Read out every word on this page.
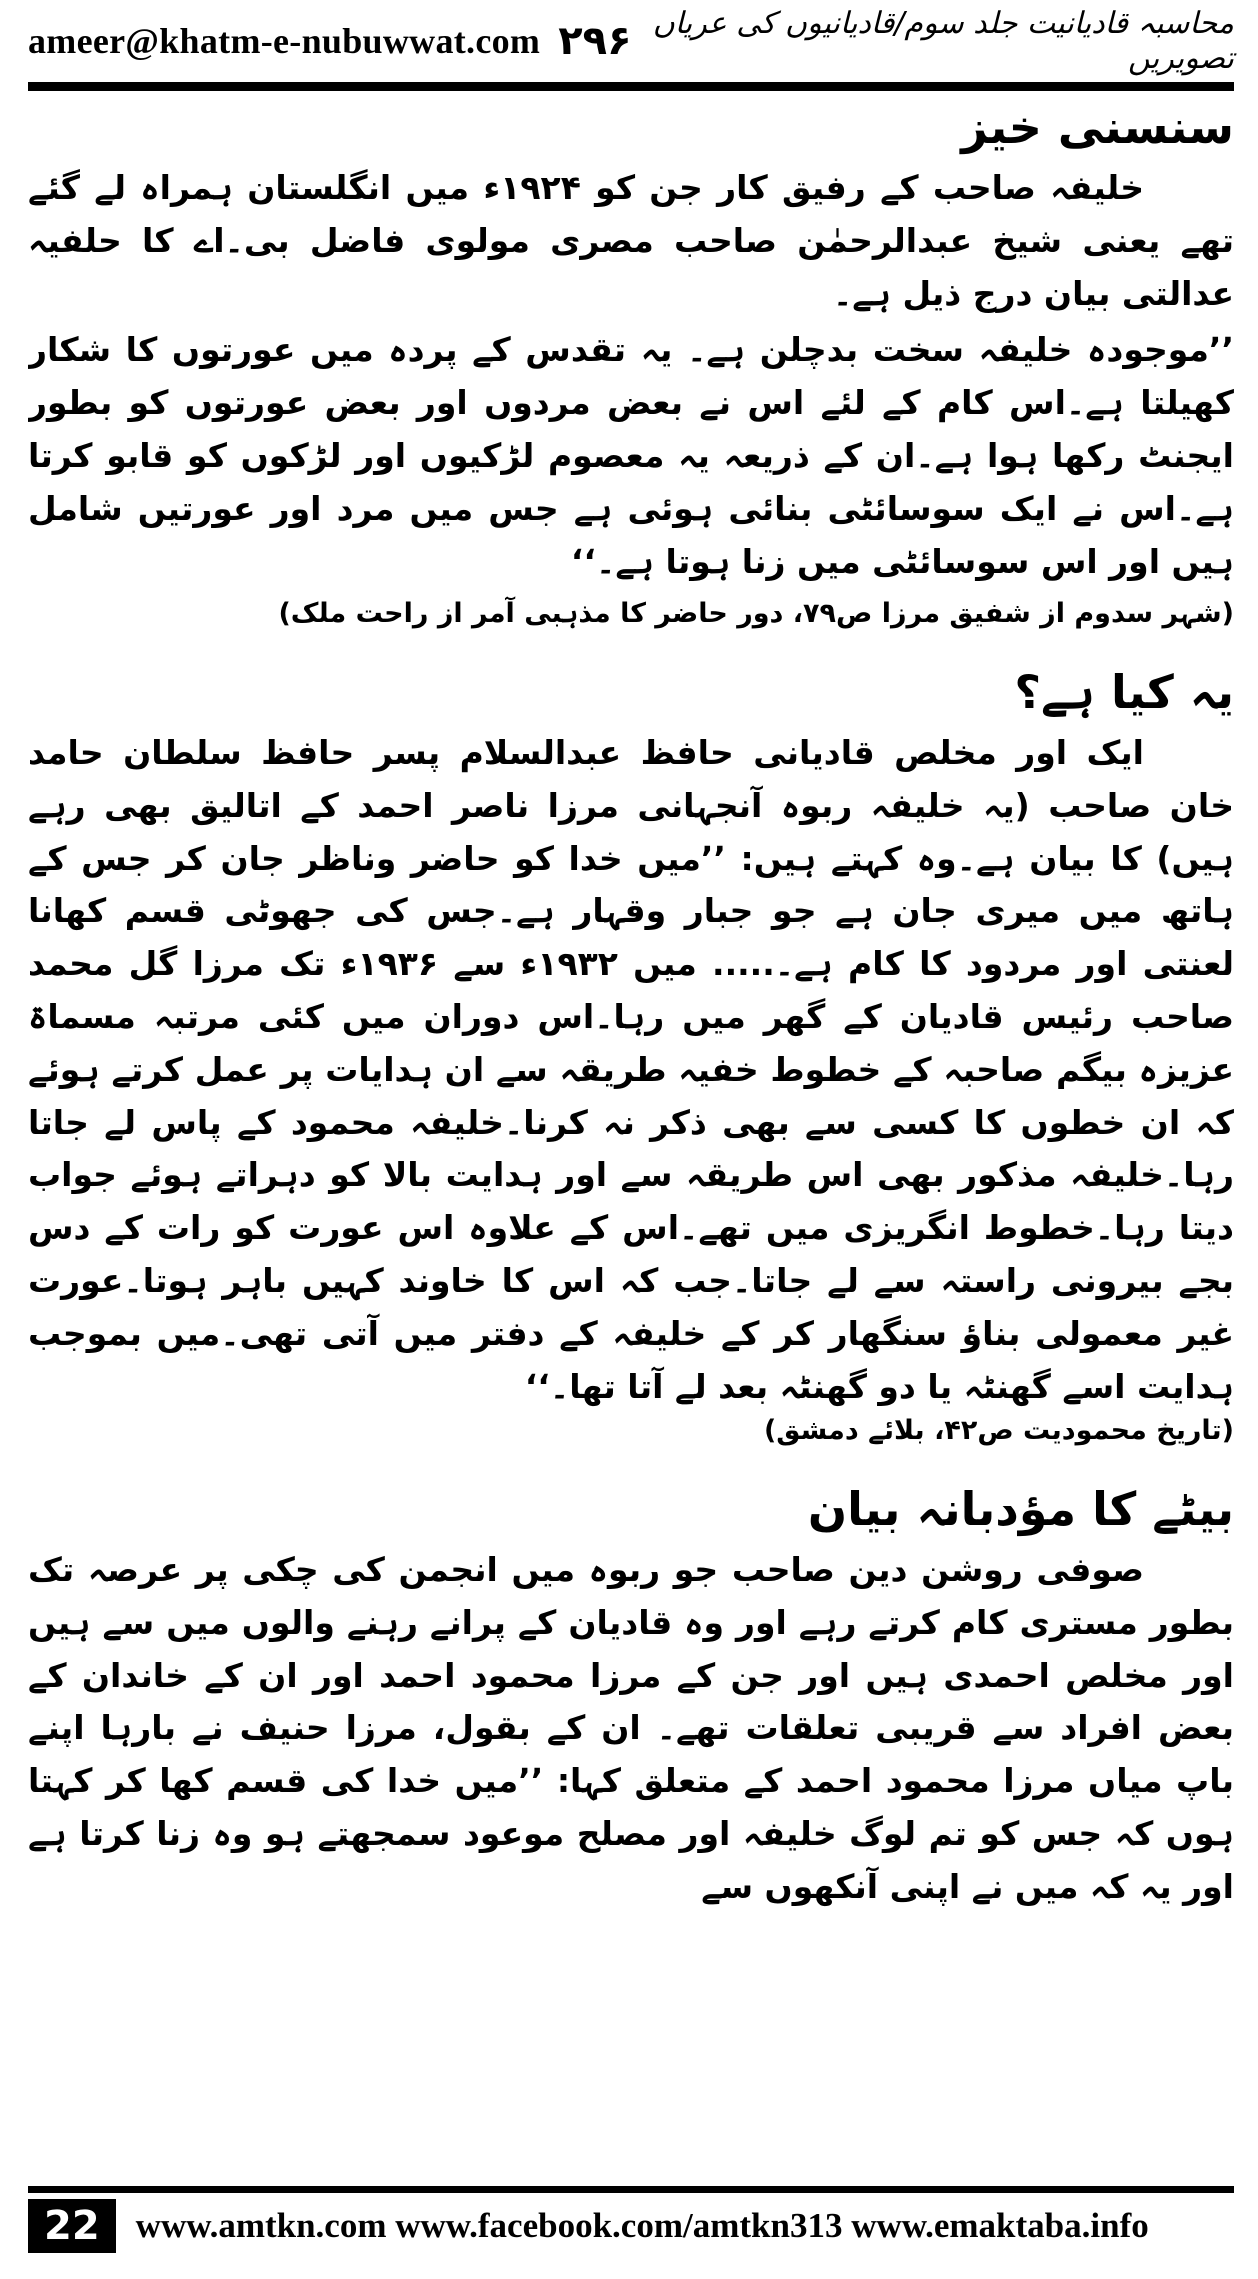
ameer@khatm-e-nubuwwat.com ۲۹۶ محاسبہ قادیانیت جلد سوم/قادیانیوں کی عریاں تصویریں
سنسنی خیز

خلیفہ صاحب کے رفیق کار جن کو ۱۹۲۴ء میں انگلستان ہمراہ لے گئے تھے یعنی شیخ عبدالرحمٰن صاحب مصری مولوی فاضل بی۔اے کا حلفیہ عدالتی بیان درج ذیل ہے۔

’’موجودہ خلیفہ سخت بدچلن ہے۔ یہ تقدس کے پردہ میں عورتوں کا شکار کھیلتا ہے۔اس کام کے لئے اس نے بعض مردوں اور بعض عورتوں کو بطور ایجنٹ رکھا ہوا ہے۔ان کے ذریعہ یہ معصوم لڑکیوں اور لڑکوں کو قابو کرتا ہے۔اس نے ایک سوسائٹی بنائی ہوئی ہے جس میں مرد اور عورتیں شامل ہیں اور اس سوسائٹی میں زنا ہوتا ہے۔‘‘

(شہر سدوم از شفیق مرزا ص۷۹، دور حاضر کا مذہبی آمر از راحت ملک)

یہ کیا ہے؟

ایک اور مخلص قادیانی حافظ عبدالسلام پسر حافظ سلطان حامد خان صاحب (یہ خلیفہ ربوہ آنجہانی مرزا ناصر احمد کے اتالیق بھی رہے ہیں) کا بیان ہے۔وہ کہتے ہیں: ’’میں خدا کو حاضر وناظر جان کر جس کے ہاتھ میں میری جان ہے جو جبار وقہار ہے۔جس کی جھوٹی قسم کھانا لعنتی اور مردود کا کام ہے۔..... میں ۱۹۳۲ء سے ۱۹۳۶ء تک مرزا گل محمد صاحب رئیس قادیان کے گھر میں رہا۔اس دوران میں کئی مرتبہ مسماۃ عزیزہ بیگم صاحبہ کے خطوط خفیہ طریقہ سے ان ہدایات پر عمل کرتے ہوئے کہ ان خطوں کا کسی سے بھی ذکر نہ کرنا۔خلیفہ محمود کے پاس لے جاتا رہا۔خلیفہ مذکور بھی اس طریقہ سے اور ہدایت بالا کو دہراتے ہوئے جواب دیتا رہا۔خطوط انگریزی میں تھے۔اس کے علاوہ اس عورت کو رات کے دس بجے بیرونی راستہ سے لے جاتا۔جب کہ اس کا خاوند کہیں باہر ہوتا۔عورت غیر معمولی بناؤ سنگھار کر کے خلیفہ کے دفتر میں آتی تھی۔میں بموجب ہدایت اسے گھنٹہ یا دو گھنٹہ بعد لے آتا تھا۔‘‘

(تاریخ محمودیت ص۴۲، بلائے دمشق)

بیٹے کا مؤدبانہ بیان

صوفی روشن دین صاحب جو ربوہ میں انجمن کی چکی پر عرصہ تک بطور مستری کام کرتے رہے اور وہ قادیان کے پرانے رہنے والوں میں سے ہیں اور مخلص احمدی ہیں اور جن کے مرزا محمود احمد اور ان کے خاندان کے بعض افراد سے قریبی تعلقات تھے۔ ان کے بقول، مرزا حنیف نے بارہا اپنے باپ میاں مرزا محمود احمد کے متعلق کہا: ’’میں خدا کی قسم کھا کر کہتا ہوں کہ جس کو تم لوگ خلیفہ اور مصلح موعود سمجھتے ہو وہ زنا کرتا ہے اور یہ کہ میں نے اپنی آنکھوں سے

22	www.amtkn.com www.facebook.com/amtkn313 www.emaktaba.info
